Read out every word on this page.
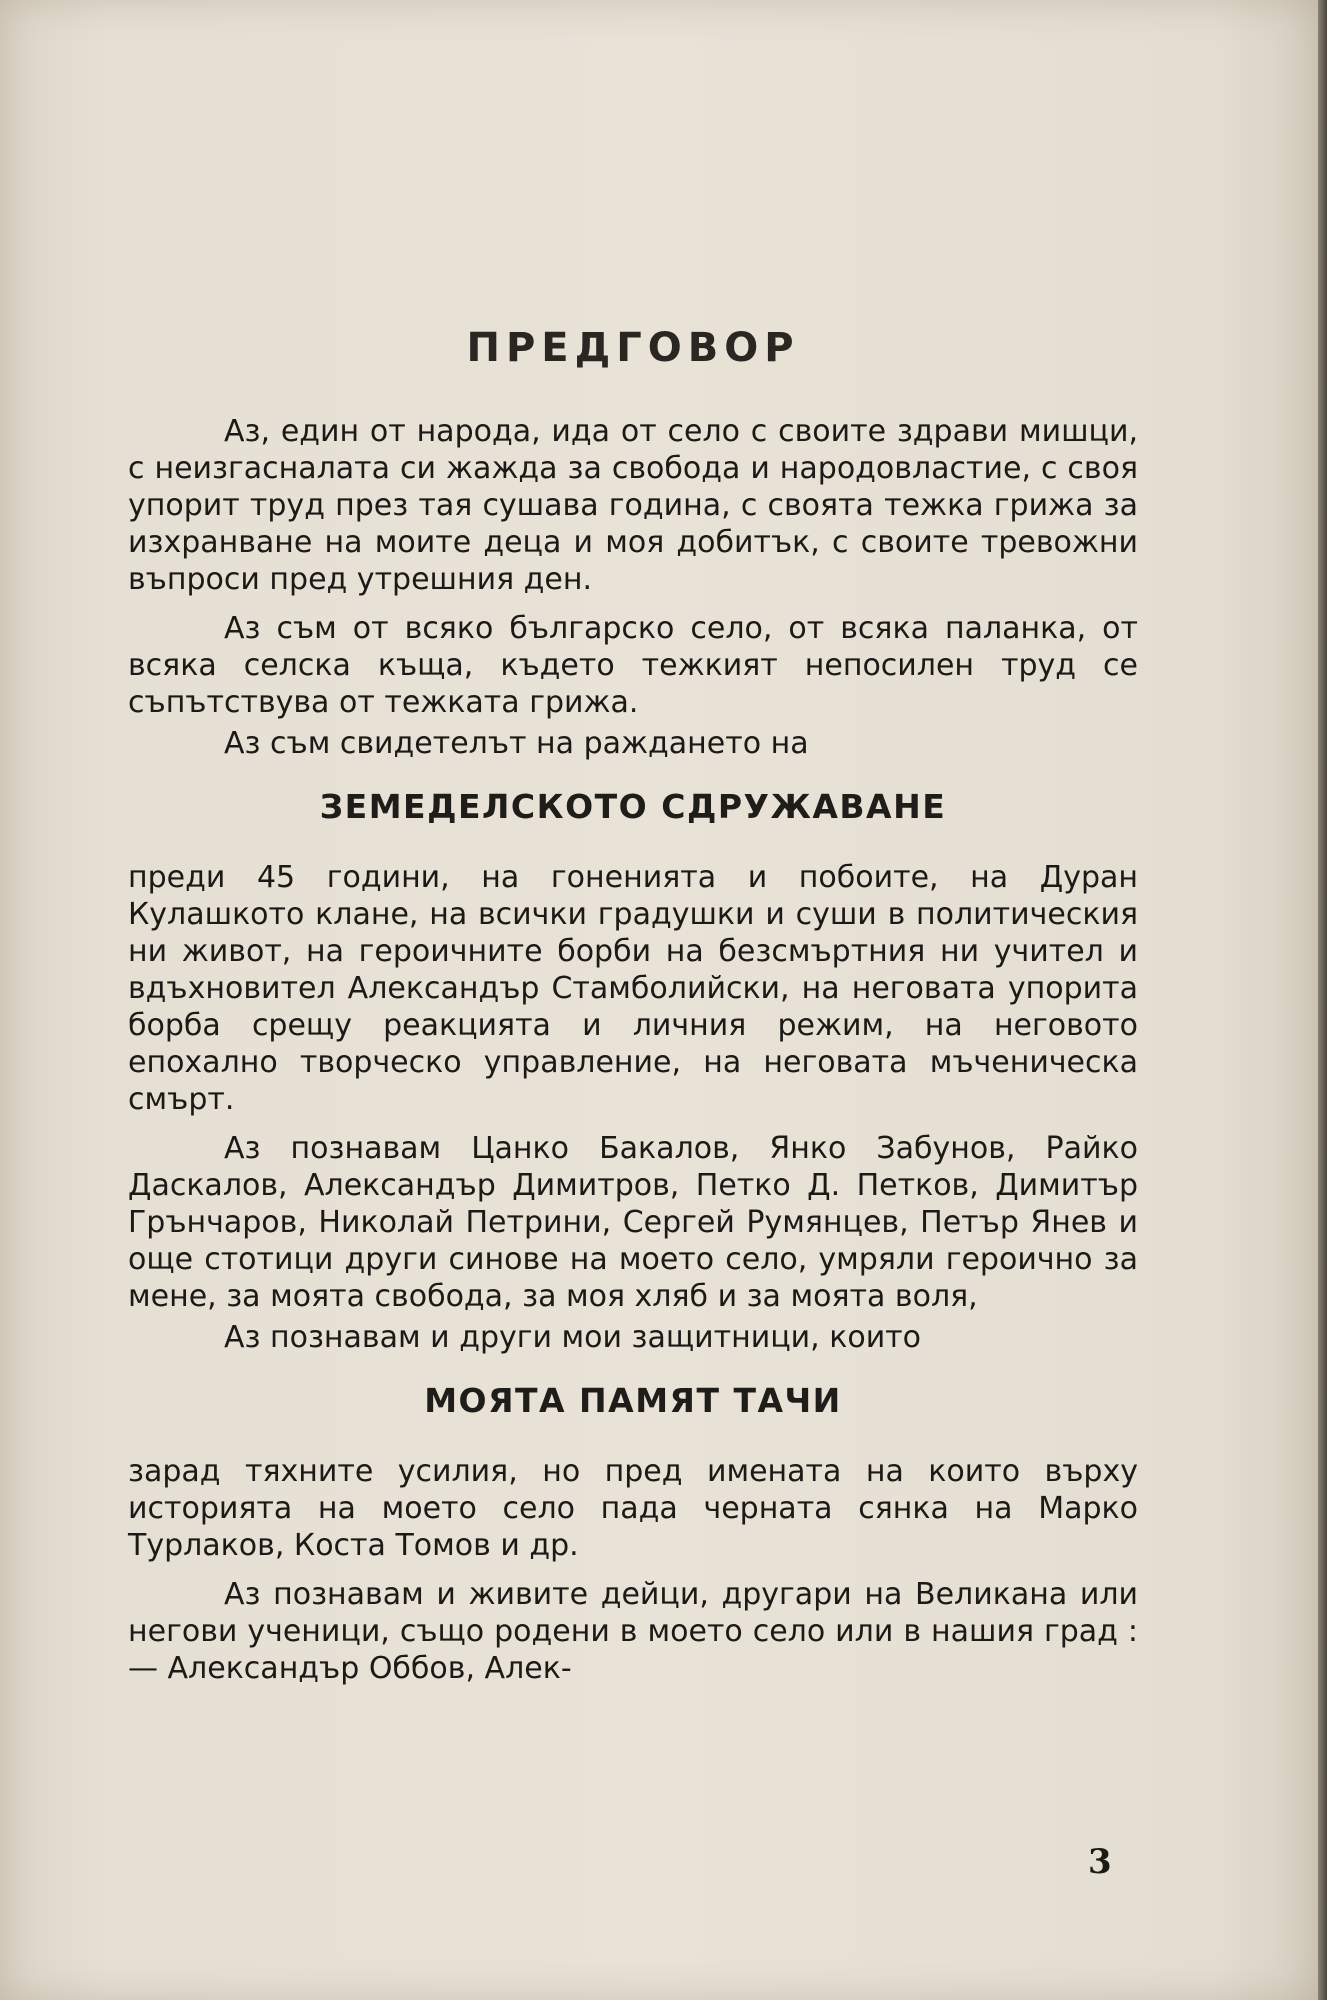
ПРЕДГОВОР

Аз, един от народа, ида от село с своите здрави мишци, с неизгасналата си жажда за свобода и народовластие, с своя упорит труд през тая сушава година, с своята тежка грижа за изхранване на моите деца и моя добитък, с своите тревожни въпроси пред утрешния ден.

Аз съм от всяко българско село, от всяка паланка, от всяка селска къща, където тежкият непосилен труд се съпътствува от тежката грижа.

Аз съм свидетелът на раждането на

ЗЕМЕДЕЛСКОТО СДРУЖАВАНЕ

преди 45 години, на гоненията и побоите, на Дуран Кулашкото клане, на всички градушки и суши в политическия ни живот, на героичните борби на безсмъртния ни учител и вдъхновител Александър Стамболийски, на неговата упорита борба срещу реакцията и личния режим, на неговото епохално творческо управление, на неговата мъченическа смърт.

Аз познавам Цанко Бакалов, Янко Забунов, Райко Даскалов, Александър Димитров, Петко Д. Петков, Димитър Грънчаров, Николай Петрини, Сергей Румянцев, Петър Янев и още стотици други синове на моето село, умряли героично за мене, за моята свобода, за моя хляб и за моята воля,

Аз познавам и други мои защитници, които

МОЯТА ПАМЯТ ТАЧИ

зарад тяхните усилия, но пред имената на които върху историята на моето село пада черната сянка на Марко Турлаков, Коста Томов и др.

Аз познавам и живите дейци, другари на Великана или негови ученици, също родени в моето село или в нашия град : — Александър Оббов, Алек-

3
